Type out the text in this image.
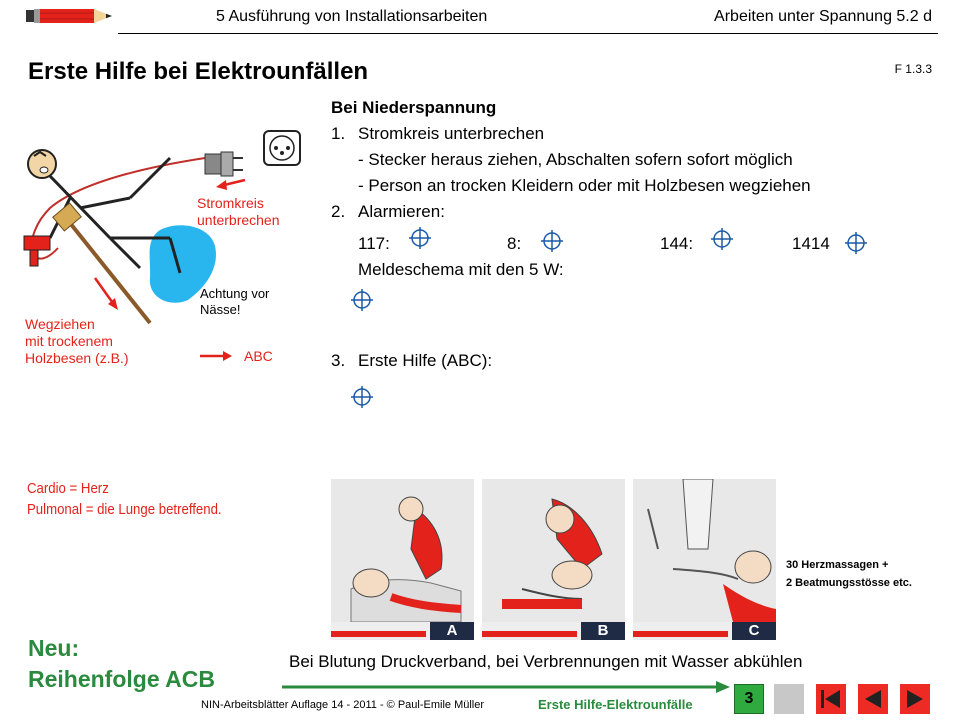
5 Ausführung von Installationsarbeiten	Arbeiten unter Spannung 5.2 d
Erste Hilfe bei Elektrounfällen	F 1.3.3
Stromkreis
unterbrechen
Achtung vor
Nässe!
Wegziehen
mit trockenem
Holzbesen (z.B.)	ABC
Bei Niederspannung
1. Stromkreis unterbrechen
- Stecker heraus ziehen, Abschalten sofern sofort möglich
- Person an trocken Kleidern oder mit Holzbesen wegziehen
2. Alarmieren:
117:	8:	144:	1414
Meldeschema mit den 5 W:
3. Erste Hilfe (ABC):
Cardio = Herz
Pulmonal = die Lunge betreffend.
A	B	C
30 Herzmassagen +
2 Beatmungsstösse etc.
Neu:
Reihenfolge ACB
Bei Blutung Druckverband, bei Verbrennungen mit Wasser abkühlen
NIN-Arbeitsblätter Auflage 14 - 2011 - © Paul-Emile Müller	Erste Hilfe-Elektrounfälle	3
